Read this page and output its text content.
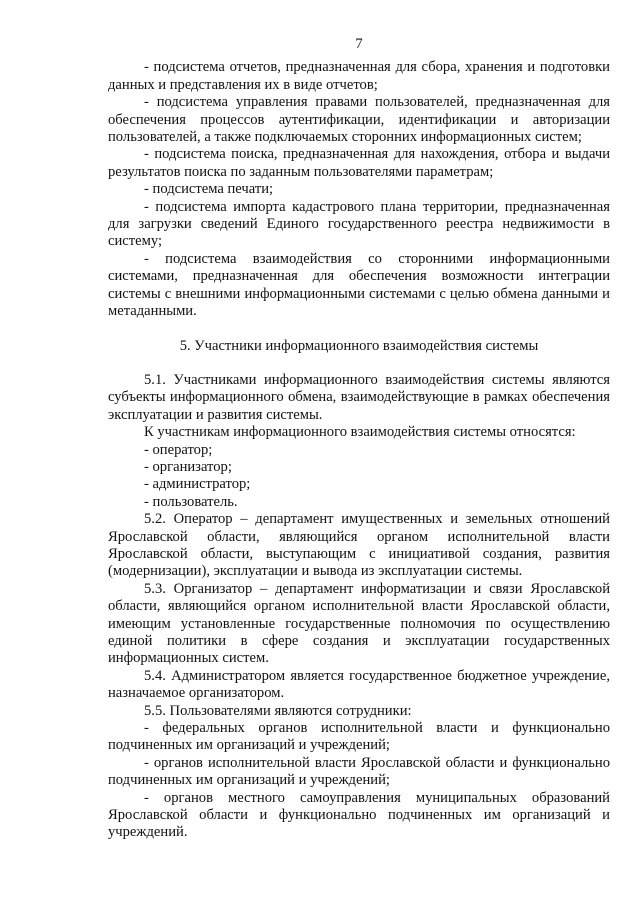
7

- подсистема отчетов, предназначенная для сбора, хранения и подготовки данных и представления их в виде отчетов;

- подсистема управления правами пользователей, предназначенная для обеспечения процессов аутентификации, идентификации и авторизации пользователей, а также подключаемых сторонних информационных систем;

- подсистема поиска, предназначенная для нахождения, отбора и выдачи результатов поиска по заданным пользователями параметрам;

- подсистема печати;

- подсистема импорта кадастрового плана территории, предназначенная для загрузки сведений Единого государственного реестра недвижимости в систему;

- подсистема взаимодействия со сторонними информационными системами, предназначенная для обеспечения возможности интеграции системы с внешними информационными системами с целью обмена данными и метаданными.

5. Участники информационного взаимодействия системы

5.1. Участниками информационного взаимодействия системы являются субъекты информационного обмена, взаимодействующие в рамках обеспечения эксплуатации и развития системы.

К участникам информационного взаимодействия системы относятся:

- оператор;

- организатор;

- администратор;

- пользователь.

5.2. Оператор – департамент имущественных и земельных отношений Ярославской области, являющийся органом исполнительной власти Ярославской области, выступающим с инициативой создания, развития (модернизации), эксплуатации и вывода из эксплуатации системы.

5.3. Организатор – департамент информатизации и связи Ярославской области, являющийся органом исполнительной власти Ярославской области, имеющим установленные государственные полномочия по осуществлению единой политики в сфере создания и эксплуатации государственных информационных систем.

5.4. Администратором является государственное бюджетное учреждение, назначаемое организатором.

5.5. Пользователями являются сотрудники:

- федеральных органов исполнительной власти и функционально подчиненных им организаций и учреждений;

- органов исполнительной власти Ярославской области и функционально подчиненных им организаций и учреждений;

- органов местного самоуправления муниципальных образований Ярославской области и функционально подчиненных им организаций и учреждений.
